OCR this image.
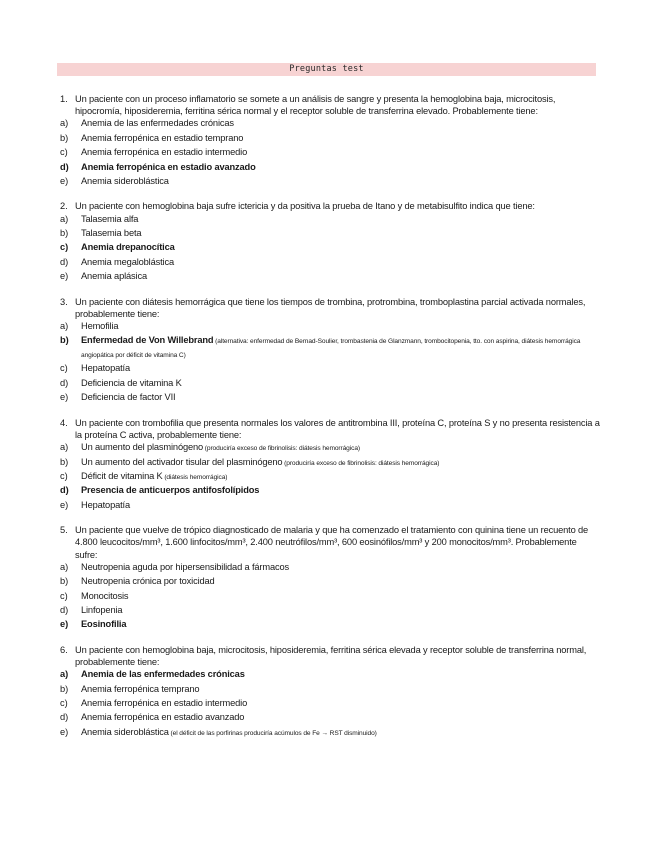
Preguntas test
1. Un paciente con un proceso inflamatorio se somete a un análisis de sangre y presenta la hemoglobina baja, microcitosis, hipocromía, hiposideremia, ferritina sérica normal y el receptor soluble de transferrina elevado. Probablemente tiene:
a)	Anemia de las enfermedades crónicas
b)	Anemia ferropénica en estadio temprano
c)	Anemia ferropénica en estadio intermedio
d)	Anemia ferropénica en estadio avanzado
e)	Anemia sideroblástica
2. Un paciente con hemoglobina baja sufre ictericia y da positiva la prueba de Itano y de metabisulfito indica que tiene:
a)	Talasemia alfa
b)	Talasemia beta
c)	Anemia drepanocítica
d)	Anemia megaloblástica
e)	Anemia aplásica
3. Un paciente con diátesis hemorrágica que tiene los tiempos de trombina, protrombina, tromboplastina parcial activada normales, probablemente tiene:
a)	Hemofilia
b)	Enfermedad de Von Willebrand (alternativa: enfermedad de Bernad-Soulier, trombastenia de Glanzmann, trombocitopenia, tto. con aspirina, diátesis hemorrágica angiopática por déficit de vitamina C)
c)	Hepatopatía
d)	Deficiencia de vitamina K
e)	Deficiencia de factor VII
4. Un paciente con trombofilia que presenta normales los valores de antitrombina III, proteína C, proteína S y no presenta resistencia a la proteína C activa, probablemente tiene:
a)	Un aumento del plasminógeno (produciría exceso de fibrinolisis: diátesis hemorrágica)
b)	Un aumento del activador tisular del plasminógeno (produciría exceso de fibrinolisis: diátesis hemorrágica)
c)	Déficit de vitamina K (diátesis hemorrágica)
d)	Presencia de anticuerpos antifosfolípidos
e)	Hepatopatía
5. Un paciente que vuelve de trópico diagnosticado de malaria y que ha comenzado el tratamiento con quinina tiene un recuento de 4.800 leucocitos/mm³, 1.600 linfocitos/mm³, 2.400 neutrófilos/mm³, 600 eosinófilos/mm³ y 200 monocitos/mm³. Probablemente sufre:
a)	Neutropenia aguda por hipersensibilidad a fármacos
b)	Neutropenia crónica por toxicidad
c)	Monocitosis
d)	Linfopenia
e)	Eosinofilia
6. Un paciente con hemoglobina baja, microcitosis, hiposideremia, ferritina sérica elevada y receptor soluble de transferrina normal, probablemente tiene:
a)	Anemia de las enfermedades crónicas
b)	Anemia ferropénica temprano
c)	Anemia ferropénica en estadio intermedio
d)	Anemia ferropénica en estadio avanzado
e)	Anemia sideroblástica (el déficit de las porfirinas produciría acúmulos de Fe → RST disminuido)
